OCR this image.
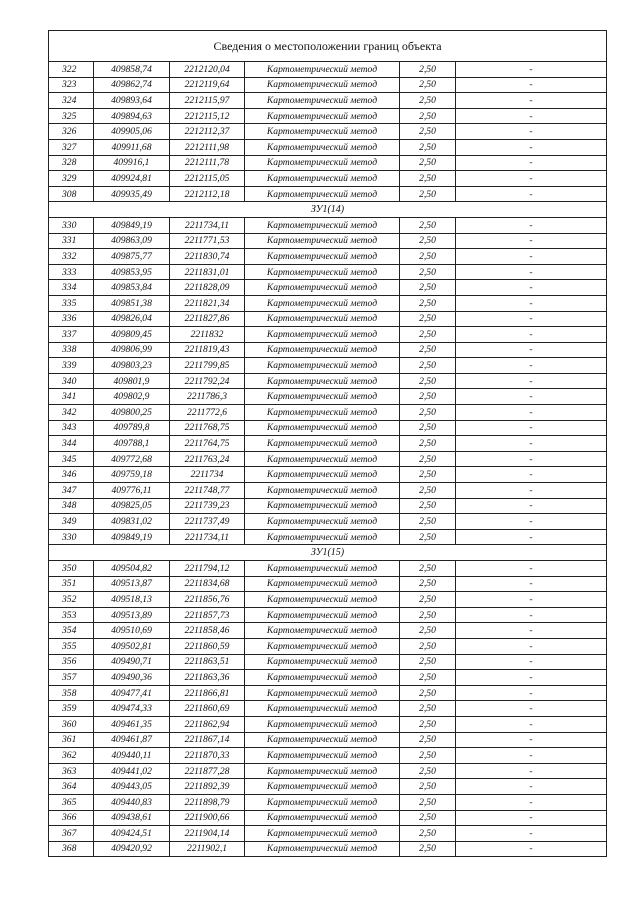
Сведения о местоположении границ объекта					
322	409858,74	2212120,04	Картометрический метод	2,50	-
323	409862,74	2212119,64	Картометрический метод	2,50	-
324	409893,64	2212115,97	Картометрический метод	2,50	-
325	409894,63	2212115,12	Картометрический метод	2,50	-
326	409905,06	2212112,37	Картометрический метод	2,50	-
327	409911,68	2212111,98	Картометрический метод	2,50	-
328	409916,1	2212111,78	Картометрический метод	2,50	-
329	409924,81	2212115,05	Картометрический метод	2,50	-
308	409935,49	2212112,18	Картометрический метод	2,50	-
ЗУ1(14)					
330	409849,19	2211734,11	Картометрический метод	2,50	-
331	409863,09	2211771,53	Картометрический метод	2,50	-
332	409875,77	2211830,74	Картометрический метод	2,50	-
333	409853,95	2211831,01	Картометрический метод	2,50	-
334	409853,84	2211828,09	Картометрический метод	2,50	-
335	409851,38	2211821,34	Картометрический метод	2,50	-
336	409826,04	2211827,86	Картометрический метод	2,50	-
337	409809,45	2211832	Картометрический метод	2,50	-
338	409806,99	2211819,43	Картометрический метод	2,50	-
339	409803,23	2211799,85	Картометрический метод	2,50	-
340	409801,9	2211792,24	Картометрический метод	2,50	-
341	409802,9	2211786,3	Картометрический метод	2,50	-
342	409800,25	2211772,6	Картометрический метод	2,50	-
343	409789,8	2211768,75	Картометрический метод	2,50	-
344	409788,1	2211764,75	Картометрический метод	2,50	-
345	409772,68	2211763,24	Картометрический метод	2,50	-
346	409759,18	2211734	Картометрический метод	2,50	-
347	409776,11	2211748,77	Картометрический метод	2,50	-
348	409825,05	2211739,23	Картометрический метод	2,50	-
349	409831,02	2211737,49	Картометрический метод	2,50	-
330	409849,19	2211734,11	Картометрический метод	2,50	-
ЗУ1(15)					
350	409504,82	2211794,12	Картометрический метод	2,50	-
351	409513,87	2211834,68	Картометрический метод	2,50	-
352	409518,13	2211856,76	Картометрический метод	2,50	-
353	409513,89	2211857,73	Картометрический метод	2,50	-
354	409510,69	2211858,46	Картометрический метод	2,50	-
355	409502,81	2211860,59	Картометрический метод	2,50	-
356	409490,71	2211863,51	Картометрический метод	2,50	-
357	409490,36	2211863,36	Картометрический метод	2,50	-
358	409477,41	2211866,81	Картометрический метод	2,50	-
359	409474,33	2211860,69	Картометрический метод	2,50	-
360	409461,35	2211862,94	Картометрический метод	2,50	-
361	409461,87	2211867,14	Картометрический метод	2,50	-
362	409440,11	2211870,33	Картометрический метод	2,50	-
363	409441,02	2211877,28	Картометрический метод	2,50	-
364	409443,05	2211892,39	Картометрический метод	2,50	-
365	409440,83	2211898,79	Картометрический метод	2,50	-
366	409438,61	2211900,66	Картометрический метод	2,50	-
367	409424,51	2211904,14	Картометрический метод	2,50	-
368	409420,92	2211902,1	Картометрический метод	2,50	-
